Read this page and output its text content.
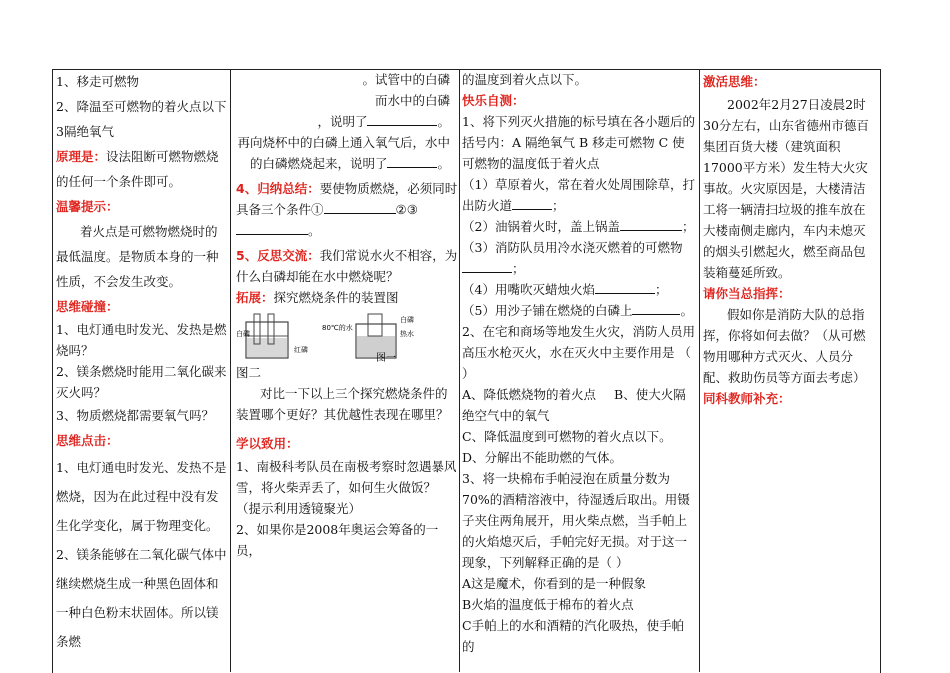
1、移走可燃物

2、降温至可燃物的着火点以下

3隔绝氧气

原理是：设法阻断可燃物燃烧的任何一个条件即可。

温馨提示：

着火点是可燃物燃烧时的最低温度。是物质本身的一种性质，不会发生改变。

思维碰撞：

1、电灯通电时发光、发热是燃烧吗？

2、镁条燃烧时能用二氧化碳来灭火吗？

3、物质燃烧都需要氧气吗？

思维点击：

1、电灯通电时发光、发热不是燃烧，因为在此过程中没有发生化学变化，属于物理变化。

2、镁条能够在二氧化碳气体中继续燃烧生成一种黑色固体和一种白色粉末状固体。所以镁条燃

。试管中的白磷

而水中的白磷

，说明了	。

再向烧杯中的白磷上通入氧气后，水中的白磷燃烧起来，说明了	。

4、归纳总结：要使物质燃烧，必须同时具备三个条件①	②③。

5、反思交流：我们常说水火不相容，为什么白磷却能在水中燃烧呢？

拓展：探究燃烧条件的装置图

白磷
红磷
80℃的水
白磷
热水
图一

图二

对比一下以上三个探究燃烧条件的装置哪个更好？其优越性表现在哪里？

学以致用：

1、南极科考队员在南极考察时忽遇暴风雪，将火柴弄丢了，如何生火做饭？（提示利用透镜聚光）

2、如果你是2008年奥运会筹备的一员，

的温度到着火点以下。

快乐自测：

1、将下列灭火措施的标号填在各小题后的括号内：A 隔绝氧气 B 移走可燃物 C 使可燃物的温度低于着火点

（1）草原着火，常在着火处周围除草，打出防火道	；

（2）油锅着火时，盖上锅盖	；

（3）消防队员用冷水浇灭燃着的可燃物；

（4）用嘴吹灭蜡烛火焰	；

（5）用沙子铺在燃烧的白磷上	。

2、在宅和商场等地发生火灾，消防人员用高压水枪灭火，水在灭火中主要作用是 （ ）

A、降低燃烧物的着火点 B、使大火隔绝空气中的氧气

C、降低温度到可燃物的着火点以下。

D、分解出不能助燃的气体。

3、将一块棉布手帕浸泡在质量分数为70%的酒精溶液中，待湿透后取出。用镊子夹住两角展开，用火柴点燃，当手帕上的火焰熄灭后，手帕完好无损。对于这一现象，下列解释正确的是（ ）

A这是魔术，你看到的是一种假象

B火焰的温度低于棉布的着火点

C手帕上的水和酒精的汽化吸热，使手帕的

激活思维：

2002年2月27日凌晨2时30分左右，山东省德州市德百集团百货大楼（建筑面积17000平方米）发生特大火灾事故。火灾原因是，大楼清洁工将一辆清扫垃圾的推车放在大楼南侧走廊内，车内未熄灭的烟头引燃起火，燃至商品包装箱蔓延所致。

请你当总指挥：

假如你是消防大队的总指挥，你将如何去做？（从可燃物用哪种方式灭火、人员分配、救助伤员等方面去考虑）

同科教师补充：
